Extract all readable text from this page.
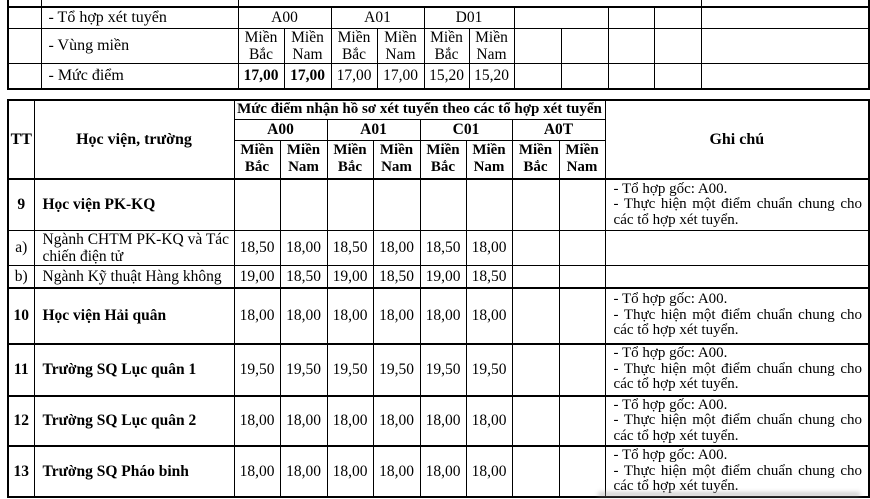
	- Tổ hợp xét tuyển	A00		A01		D01						
	- Vùng miền	Miền Bắc	Miền Nam	Miền Bắc	Miền Nam	Miền Bắc	Miền Nam					
	- Mức điểm	17,00	17,00	17,00	17,00	15,20	15,20					
TT	Học viện, trường	Mức điểm nhận hồ sơ xét tuyển theo các tổ hợp xét tuyển								Ghi chú
		A00		A01		C01		A0T		
		Miền Bắc	Miền Nam	Miền Bắc	Miền Nam	Miền Bắc	Miền Nam	Miền Bắc	Miền Nam	
9	Học viện PK-KQ									- Tổ hợp gốc: A00.
- Thực hiện một điểm chuẩn chung cho các tổ hợp xét tuyển.

a)	Ngành CHTM PK-KQ và Tác chiến điện tử	18,50	18,00	18,50	18,00	18,50	18,00			
b)	Ngành Kỹ thuật Hàng không	19,00	18,50	19,00	18,50	19,00	18,50			
10	Học viện Hải quân	18,00	18,00	18,00	18,00	18,00	18,00			- Tổ hợp gốc: A00.
- Thực hiện một điểm chuẩn chung cho các tổ hợp xét tuyển.

11	Trường SQ Lục quân 1	19,50	19,50	19,50	19,50	19,50	19,50			- Tổ hợp gốc: A00.
- Thực hiện một điểm chuẩn chung cho các tổ hợp xét tuyển.

12	Trường SQ Lục quân 2	18,00	18,00	18,00	18,00	18,00	18,00			- Tổ hợp gốc: A00.
- Thực hiện một điểm chuẩn chung cho các tổ hợp xét tuyển.

13	Trường SQ Pháo binh	18,00	18,00	18,00	18,00	18,00	18,00			- Tổ hợp gốc: A00.
- Thực hiện một điểm chuẩn chung cho các tổ hợp xét tuyển.
